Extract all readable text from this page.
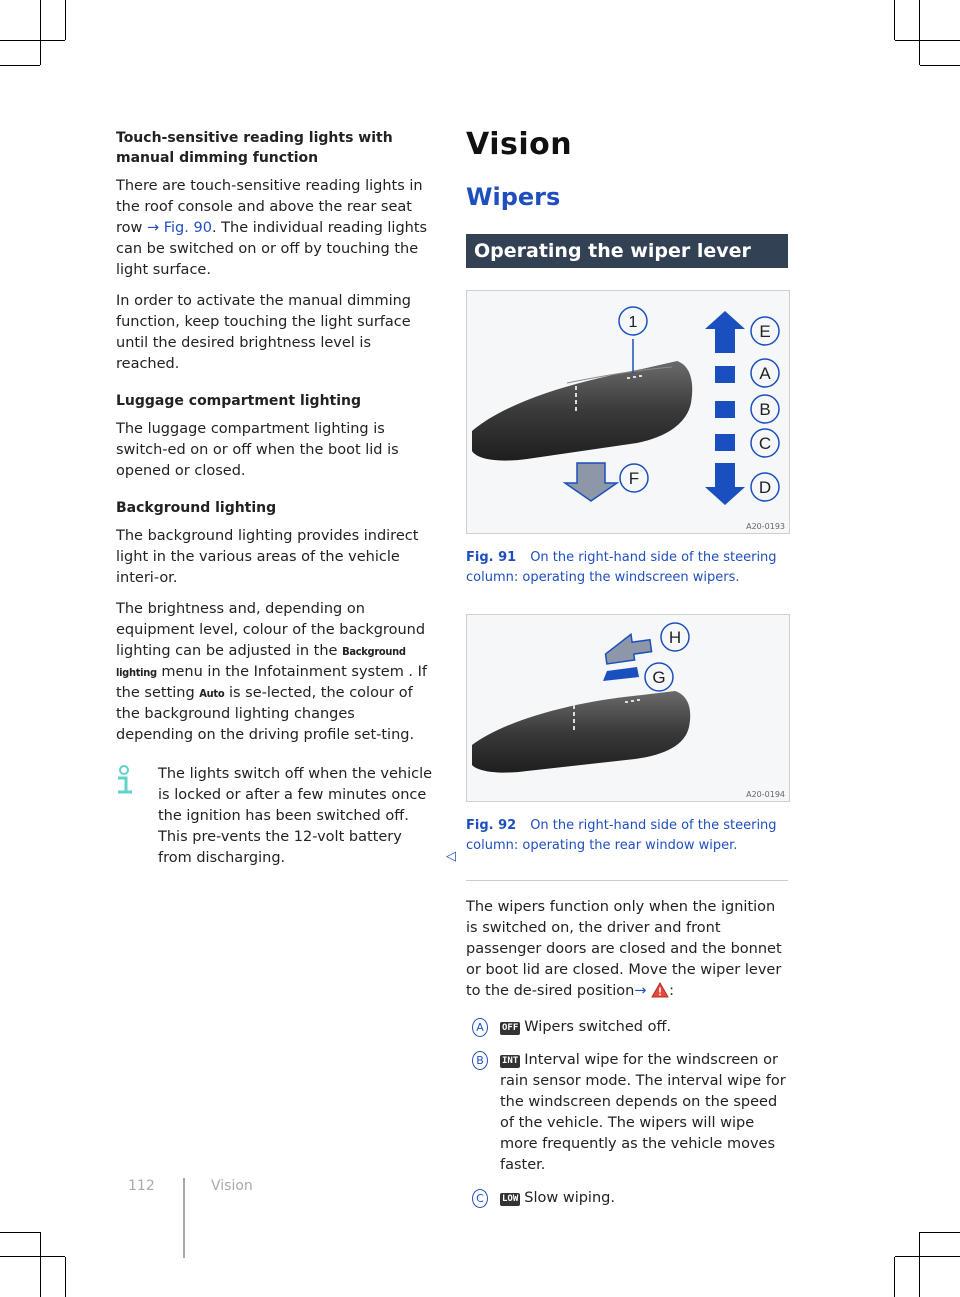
Touch-sensitive reading lights with manual dimming function

There are touch-sensitive reading lights in the roof console and above the rear seat row → Fig. 90. The individual reading lights can be switched on or off by touching the light surface.

In order to activate the manual dimming function, keep touching the light surface until the desired brightness level is reached.

Luggage compartment lighting

The luggage compartment lighting is switch-ed on or off when the boot lid is opened or closed.

Background lighting

The background lighting provides indirect light in the various areas of the vehicle interi-or.

The brightness and, depending on equipment level, colour of the background lighting can be adjusted in the Background lighting menu in the Infotainment system . If the setting Auto is se-lected, the colour of the background lighting changes depending on the driving profile set-ting.

The lights switch off when the vehicle is locked or after a few minutes once the ignition has been switched off. This pre-vents the 12-volt battery from discharging.	◁
Vision
Wipers
Operating the wiper lever
1	E
A
B
C
D
F
A20-0193
Fig. 91 On the right-hand side of the steering column: operating the windscreen wipers.
H
G
A20-0194
Fig. 92 On the right-hand side of the steering column: operating the rear window wiper.

The wipers function only when the ignition is switched on, the driver and front passenger doors are closed and the bonnet or boot lid are closed. Move the wiper lever to the de-sired position→ :

A	OFF Wipers switched off.
B	INT Interval wipe for the windscreen or rain sensor mode. The interval wipe for the windscreen depends on the speed of the vehicle. The wipers will wipe more frequently as the vehicle moves faster.
C	LOW Slow wiping.
112	Vision
